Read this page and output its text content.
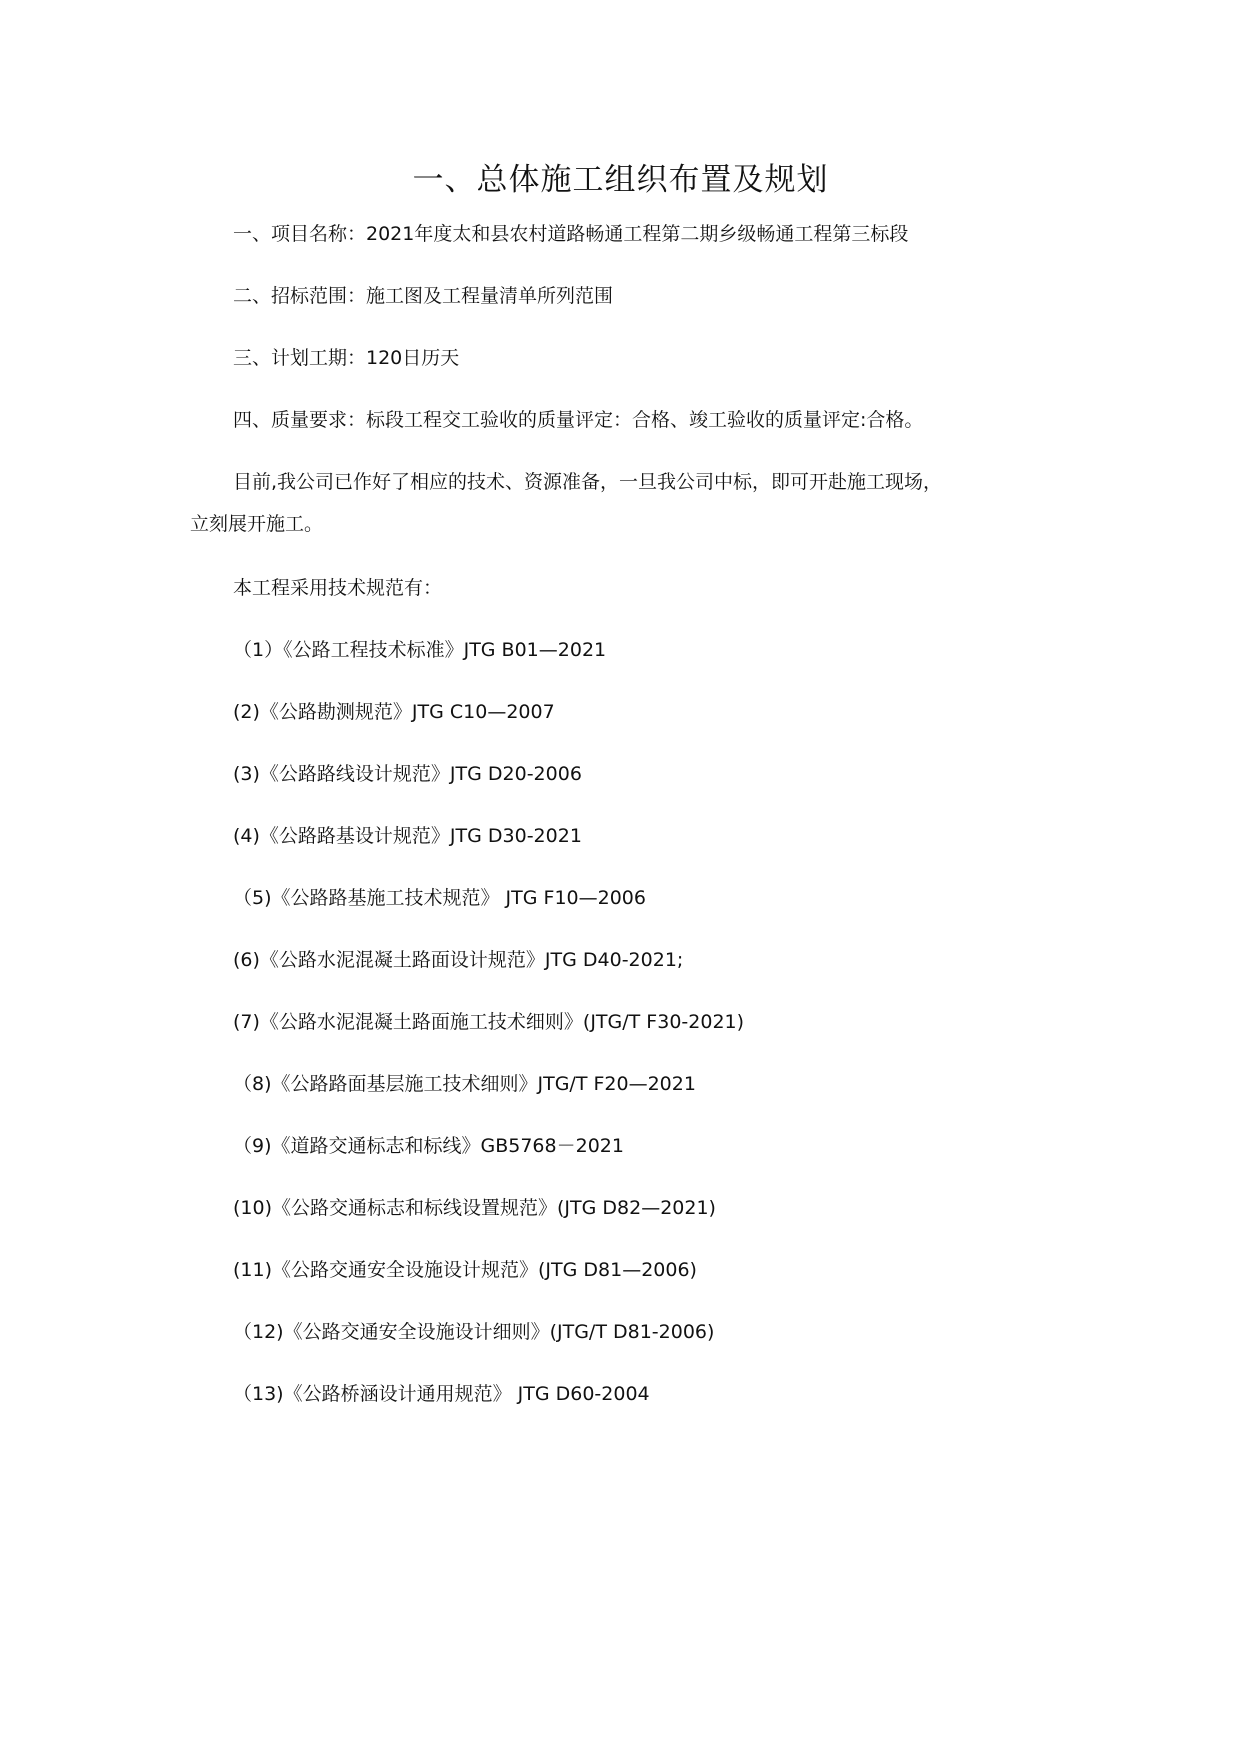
一、总体施工组织布置及规划
一、项目名称：2021年度太和县农村道路畅通工程第二期乡级畅通工程第三标段
二、招标范围：施工图及工程量清单所列范围
三、计划工期：120日历天
四、质量要求：标段工程交工验收的质量评定：合格、竣工验收的质量评定:合格。
目前,我公司已作好了相应的技术、资源准备，一旦我公司中标，即可开赴施工现场，
立刻展开施工。
本工程采用技术规范有：
（1）《公路工程技术标准》JTG B01—2021
(2)《公路勘测规范》JTG C10—2007
(3)《公路路线设计规范》JTG D20-2006
(4)《公路路基设计规范》JTG D30-2021
（5)《公路路基施工技术规范》 JTG F10—2006
(6)《公路水泥混凝土路面设计规范》JTG D40-2021;
(7)《公路水泥混凝土路面施工技术细则》(JTG/T F30-2021)
（8)《公路路面基层施工技术细则》JTG/T F20—2021
（9)《道路交通标志和标线》GB5768－2021
(10)《公路交通标志和标线设置规范》(JTG D82—2021)
(11)《公路交通安全设施设计规范》(JTG D81—2006)
（12)《公路交通安全设施设计细则》(JTG/T D81-2006)
（13)《公路桥涵设计通用规范》 JTG D60-2004
